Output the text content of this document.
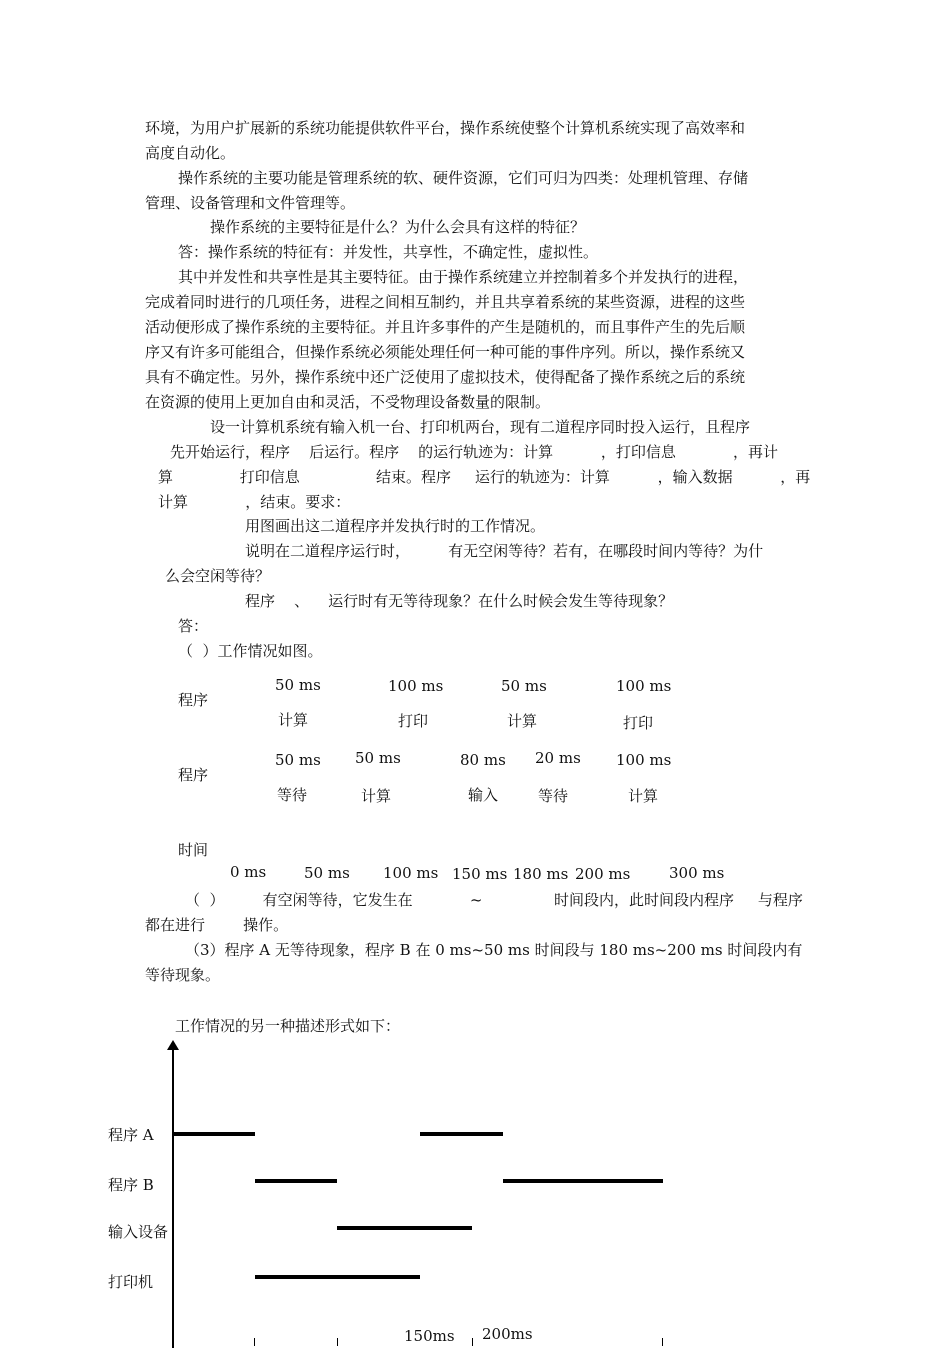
环境，为用户扩展新的系统功能提供软件平台，操作系统使整个计算机系统实现了高效率和
高度自动化。
操作系统的主要功能是管理系统的软、硬件资源，它们可归为四类：处理机管理、存储
管理、设备管理和文件管理等。
操作系统的主要特征是什么？为什么会具有这样的特征？
答：操作系统的特征有：并发性，共享性，不确定性，虚拟性。
其中并发性和共享性是其主要特征。由于操作系统建立并控制着多个并发执行的进程，
完成着同时进行的几项任务，进程之间相互制约，并且共享着系统的某些资源，进程的这些
活动便形成了操作系统的主要特征。并且许多事件的产生是随机的，而且事件产生的先后顺
序又有许多可能组合，但操作系统必须能处理任何一种可能的事件序列。所以，操作系统又
具有不确定性。另外，操作系统中还广泛使用了虚拟技术，使得配备了操作系统之后的系统
在资源的使用上更加自由和灵活，不受物理设备数量的限制。
设一计算机系统有输入机一台、打印机两台，现有二道程序同时投入运行，且程序
先开始运行，程序    后运行。程序    的运行轨迹为：计算          ，打印信息            ，再计
算              打印信息                结束。程序     运行的轨迹为：计算          ，输入数据          ，再
计算            ，结束。要求：
用图画出这二道程序并发执行时的工作情况。
说明在二道程序运行时，        有无空闲等待？若有，在哪段时间内等待？为什
么会空闲等待？
程序    、    运行时有无等待现象？在什么时候会发生等待现象？
答：
（  ）工作情况如图。
程序
50 ms	100 ms	50 ms	100 ms
计算	打印	计算	打印
程序
50 ms 50 ms	80 ms 20 ms 100 ms
等待	计算	输入	等待	计算
时间
0 ms	50 ms 100 ms 150 ms 180 ms 200 ms	300 ms
（  ）        有空闲等待，它发生在            ~               时间段内，此时间段内程序     与程序
都在进行        操作。
（3）程序 A 无等待现象，程序 B 在 0 ms~50 ms 时间段与 180 ms~200 ms 时间段内有
等待现象。
工作情况的另一种描述形式如下：
程序 A
程序 B
输入设备
打印机
150ms 200ms
